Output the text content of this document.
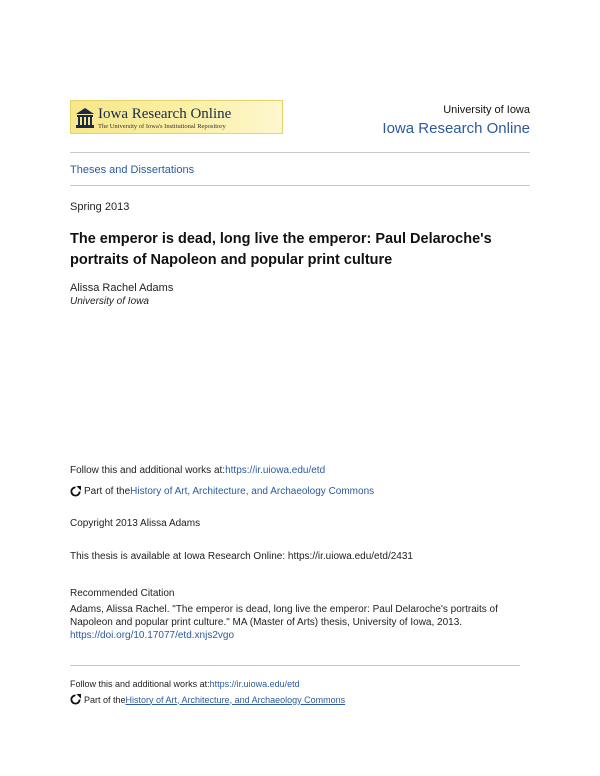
Iowa Research Online
The University of Iowa's Institutional Repository
University of Iowa
Iowa Research Online
Theses and Dissertations
Spring 2013
The emperor is dead, long live the emperor: Paul Delaroche's portraits of Napoleon and popular print culture
Alissa Rachel Adams
University of Iowa
Follow this and additional works at: https://ir.uiowa.edu/etd
Part of the History of Art, Architecture, and Archaeology Commons
Copyright 2013 Alissa Adams
This thesis is available at Iowa Research Online: https://ir.uiowa.edu/etd/2431
Recommended Citation
Adams, Alissa Rachel. "The emperor is dead, long live the emperor: Paul Delaroche's portraits of Napoleon and popular print culture." MA (Master of Arts) thesis, University of Iowa, 2013.
https://doi.org/10.17077/etd.xnjs2vgo
Follow this and additional works at: https://ir.uiowa.edu/etd
Part of the History of Art, Architecture, and Archaeology Commons
